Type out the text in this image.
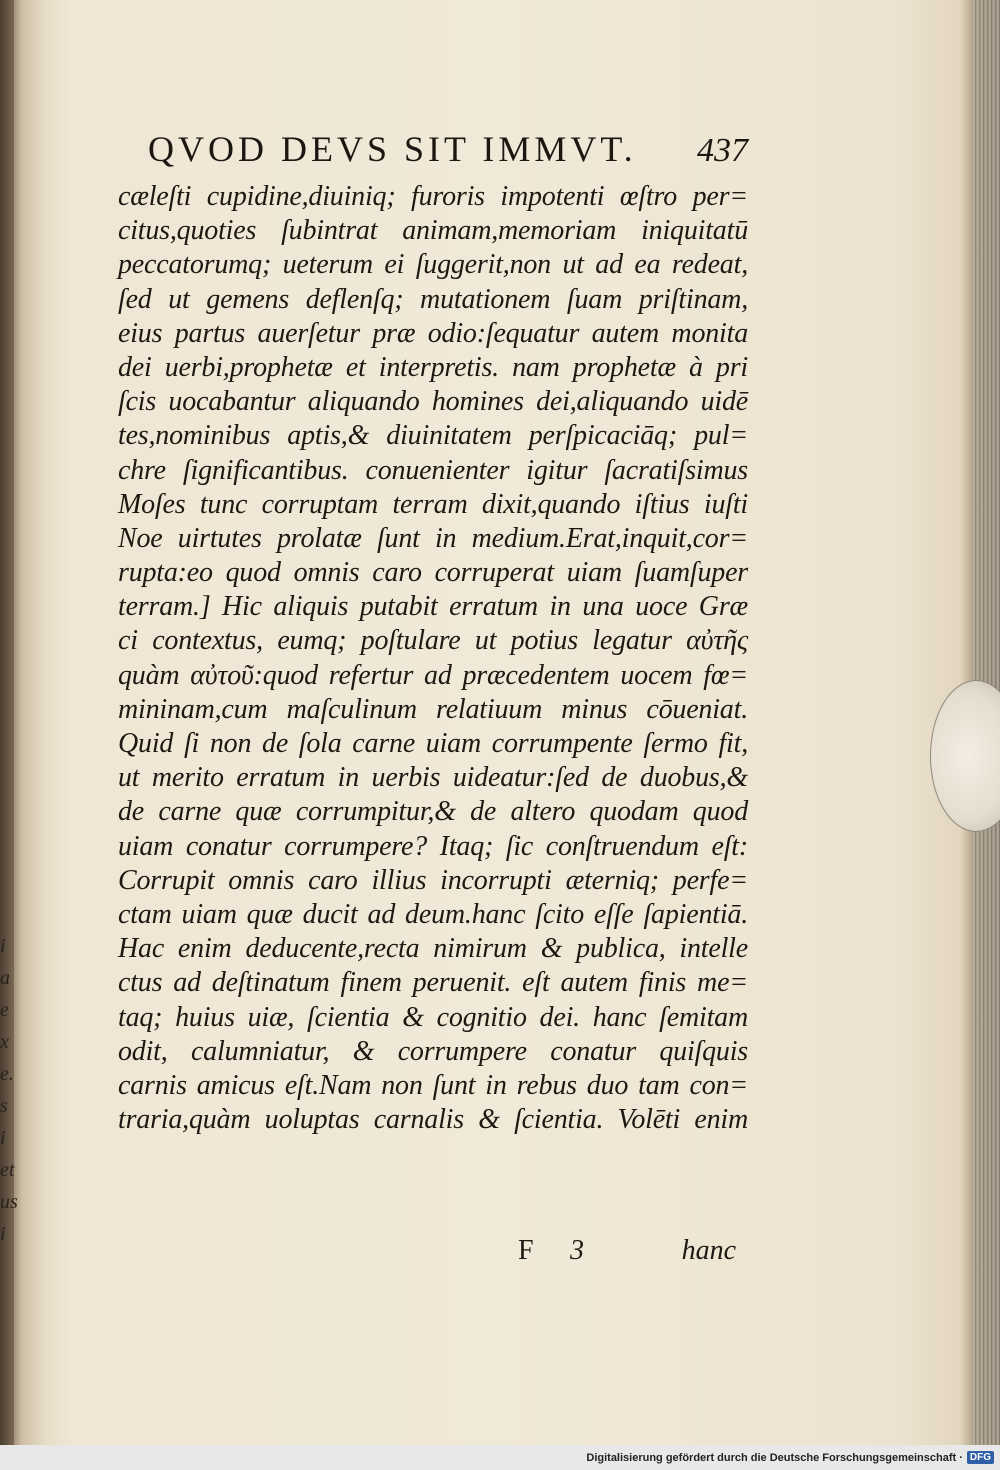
i
a
e
x
e.
s
i
et
us
i
QVOD DEVS SIT IMMVT. 437
cæleſti cupidine,diuiniq; furoris impotenti œſtro per=
citus,quoties ſubintrat animam,memoriam iniquitatū
peccatorumq; ueterum ei ſuggerit,non ut ad ea redeat,
ſed ut gemens deflenſq; mutationem ſuam priſtinam,
eius partus auerſetur præ odio:ſequatur autem monita
dei uerbi,prophetæ et interpretis. nam prophetæ à pri
ſcis uocabantur aliquando homines dei,aliquando uidē
tes,nominibus aptis,& diuinitatem perſpicaciāq; pul=
chre ſignificantibus. conuenienter igitur ſacratiſsimus
Moſes tunc corruptam terram dixit,quando iſtius iuſti
Noe uirtutes prolatæ ſunt in medium.Erat,inquit,cor=
rupta:eo quod omnis caro corruperat uiam ſuamſuper
terram.] Hic aliquis putabit erratum in una uoce Græ
ci contextus, eumq; poſtulare ut potius legatur αὐτῆς
quàm αὐτοῦ:quod refertur ad præcedentem uocem fœ=
mininam,cum maſculinum relatiuum minus cōueniat.
Quid ſi non de ſola carne uiam corrumpente ſermo fit,
ut merito erratum in uerbis uideatur:ſed de duobus,&
de carne quæ corrumpitur,& de altero quodam quod
uiam conatur corrumpere? Itaq; ſic conſtruendum eſt:
Corrupit omnis caro illius incorrupti æterniq; perfe=
ctam uiam quæ ducit ad deum.hanc ſcito eſſe ſapientiā.
Hac enim deducente,recta nimirum & publica, intelle
ctus ad deſtinatum finem peruenit. eſt autem finis me=
taq; huius uiæ, ſcientia & cognitio dei. hanc ſemitam
odit, calumniatur, & corrumpere conatur quiſquis
carnis amicus eſt.Nam non ſunt in rebus duo tam con=
traria,quàm uoluptas carnalis & ſcientia. Volēti enim
F 3	hanc
Digitalisierung gefördert durch die Deutsche Forschungsgemeinschaft · DFG
